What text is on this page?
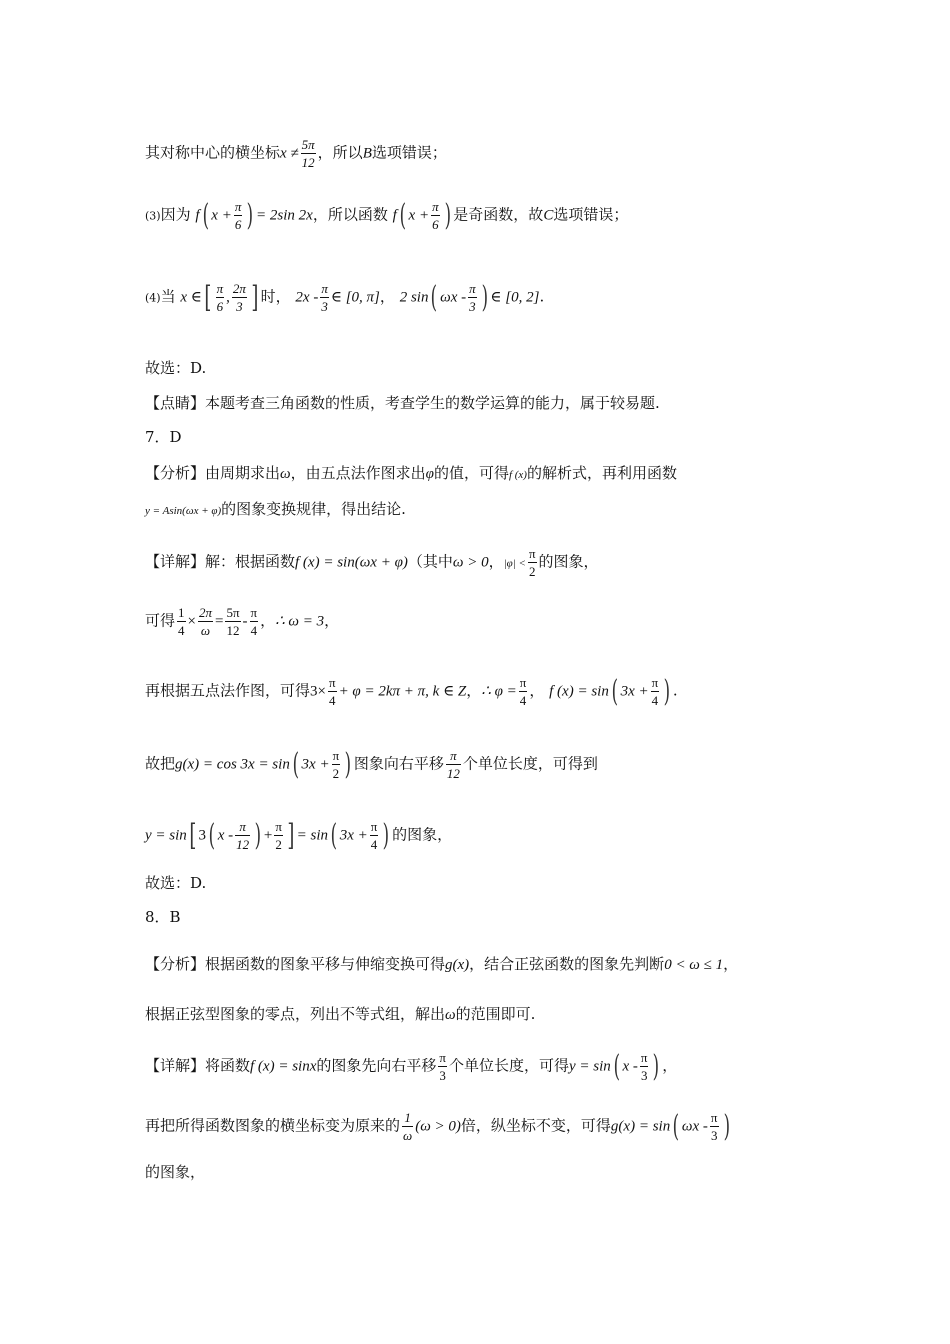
其对称中心的横坐标$x \ne \frac{5\pi}{12}$ ，所以B选项错误；
(3)因为 f( $x + \frac{\pi}{6}$ ) = 2sin 2x，所以函数 f( $x + \frac{\pi}{6}$ ) 是奇函数，故C选项错误；
(4)当 x ∈[ $\frac{\pi}{6}$ , $\frac{2\pi}{3}$ ] 时， $2x - \frac{\pi}{3}$ ∈ [0, π]， 2 sin( ωx - $\frac{\pi}{3}$ ) ∈ [0, 2].
故选：D.
【点睛】本题考查三角函数的性质，考查学生的数学运算的能力，属于较易题.
7．D
【分析】由周期求出ω，由五点法作图求出φ的值，可得f (x)的解析式，再利用函数
y = Asin(ωx + φ)的图象变换规律，得出结论.
【详解】解：根据函数f (x) = sin(ωx + φ)（其中ω > 0，$|\varphi| < \frac{\pi}{2}$ 的图象，
可得 $\frac{1}{4} \times \frac{2\pi}{\omega} = \frac{5\pi}{12} - \frac{\pi}{4}$ ，∴ ω = 3，
再根据五点法作图，可得$3\times \frac{\pi}{4} + \varphi = 2k\pi + \pi$, k ∈ Z，∴ $\varphi = \frac{\pi}{4}$ ， f (x) = sin( $3x + \frac{\pi}{4}$ ) .
故把g(x) = cos 3x = sin( $3x + \frac{\pi}{2}$ ) 图象向右平移 $\frac{\pi}{12}$ 个单位长度，可得到
y = sin[ 3( x - $\frac{\pi}{12}$ ) + $\frac{\pi}{2}$ ] = sin( $3x + \frac{\pi}{4}$ ) 的图象，
故选：D.
8．B
【分析】根据函数的图象平移与伸缩变换可得g(x)，结合正弦函数的图象先判断0 < ω ≤ 1，
根据正弦型图象的零点，列出不等式组，解出ω的范围即可.
【详解】将函数f (x) = sinx的图象先向右平移 $\frac{\pi}{3}$ 个单位长度，可得y = sin( x - $\frac{\pi}{3}$ ) ，
再把所得函数图象的横坐标变为原来的 $\frac{1}{\omega} (\omega > 0)$倍，纵坐标不变，可得g(x) = sin( ωx - $\frac{\pi}{3}$ )
的图象，
